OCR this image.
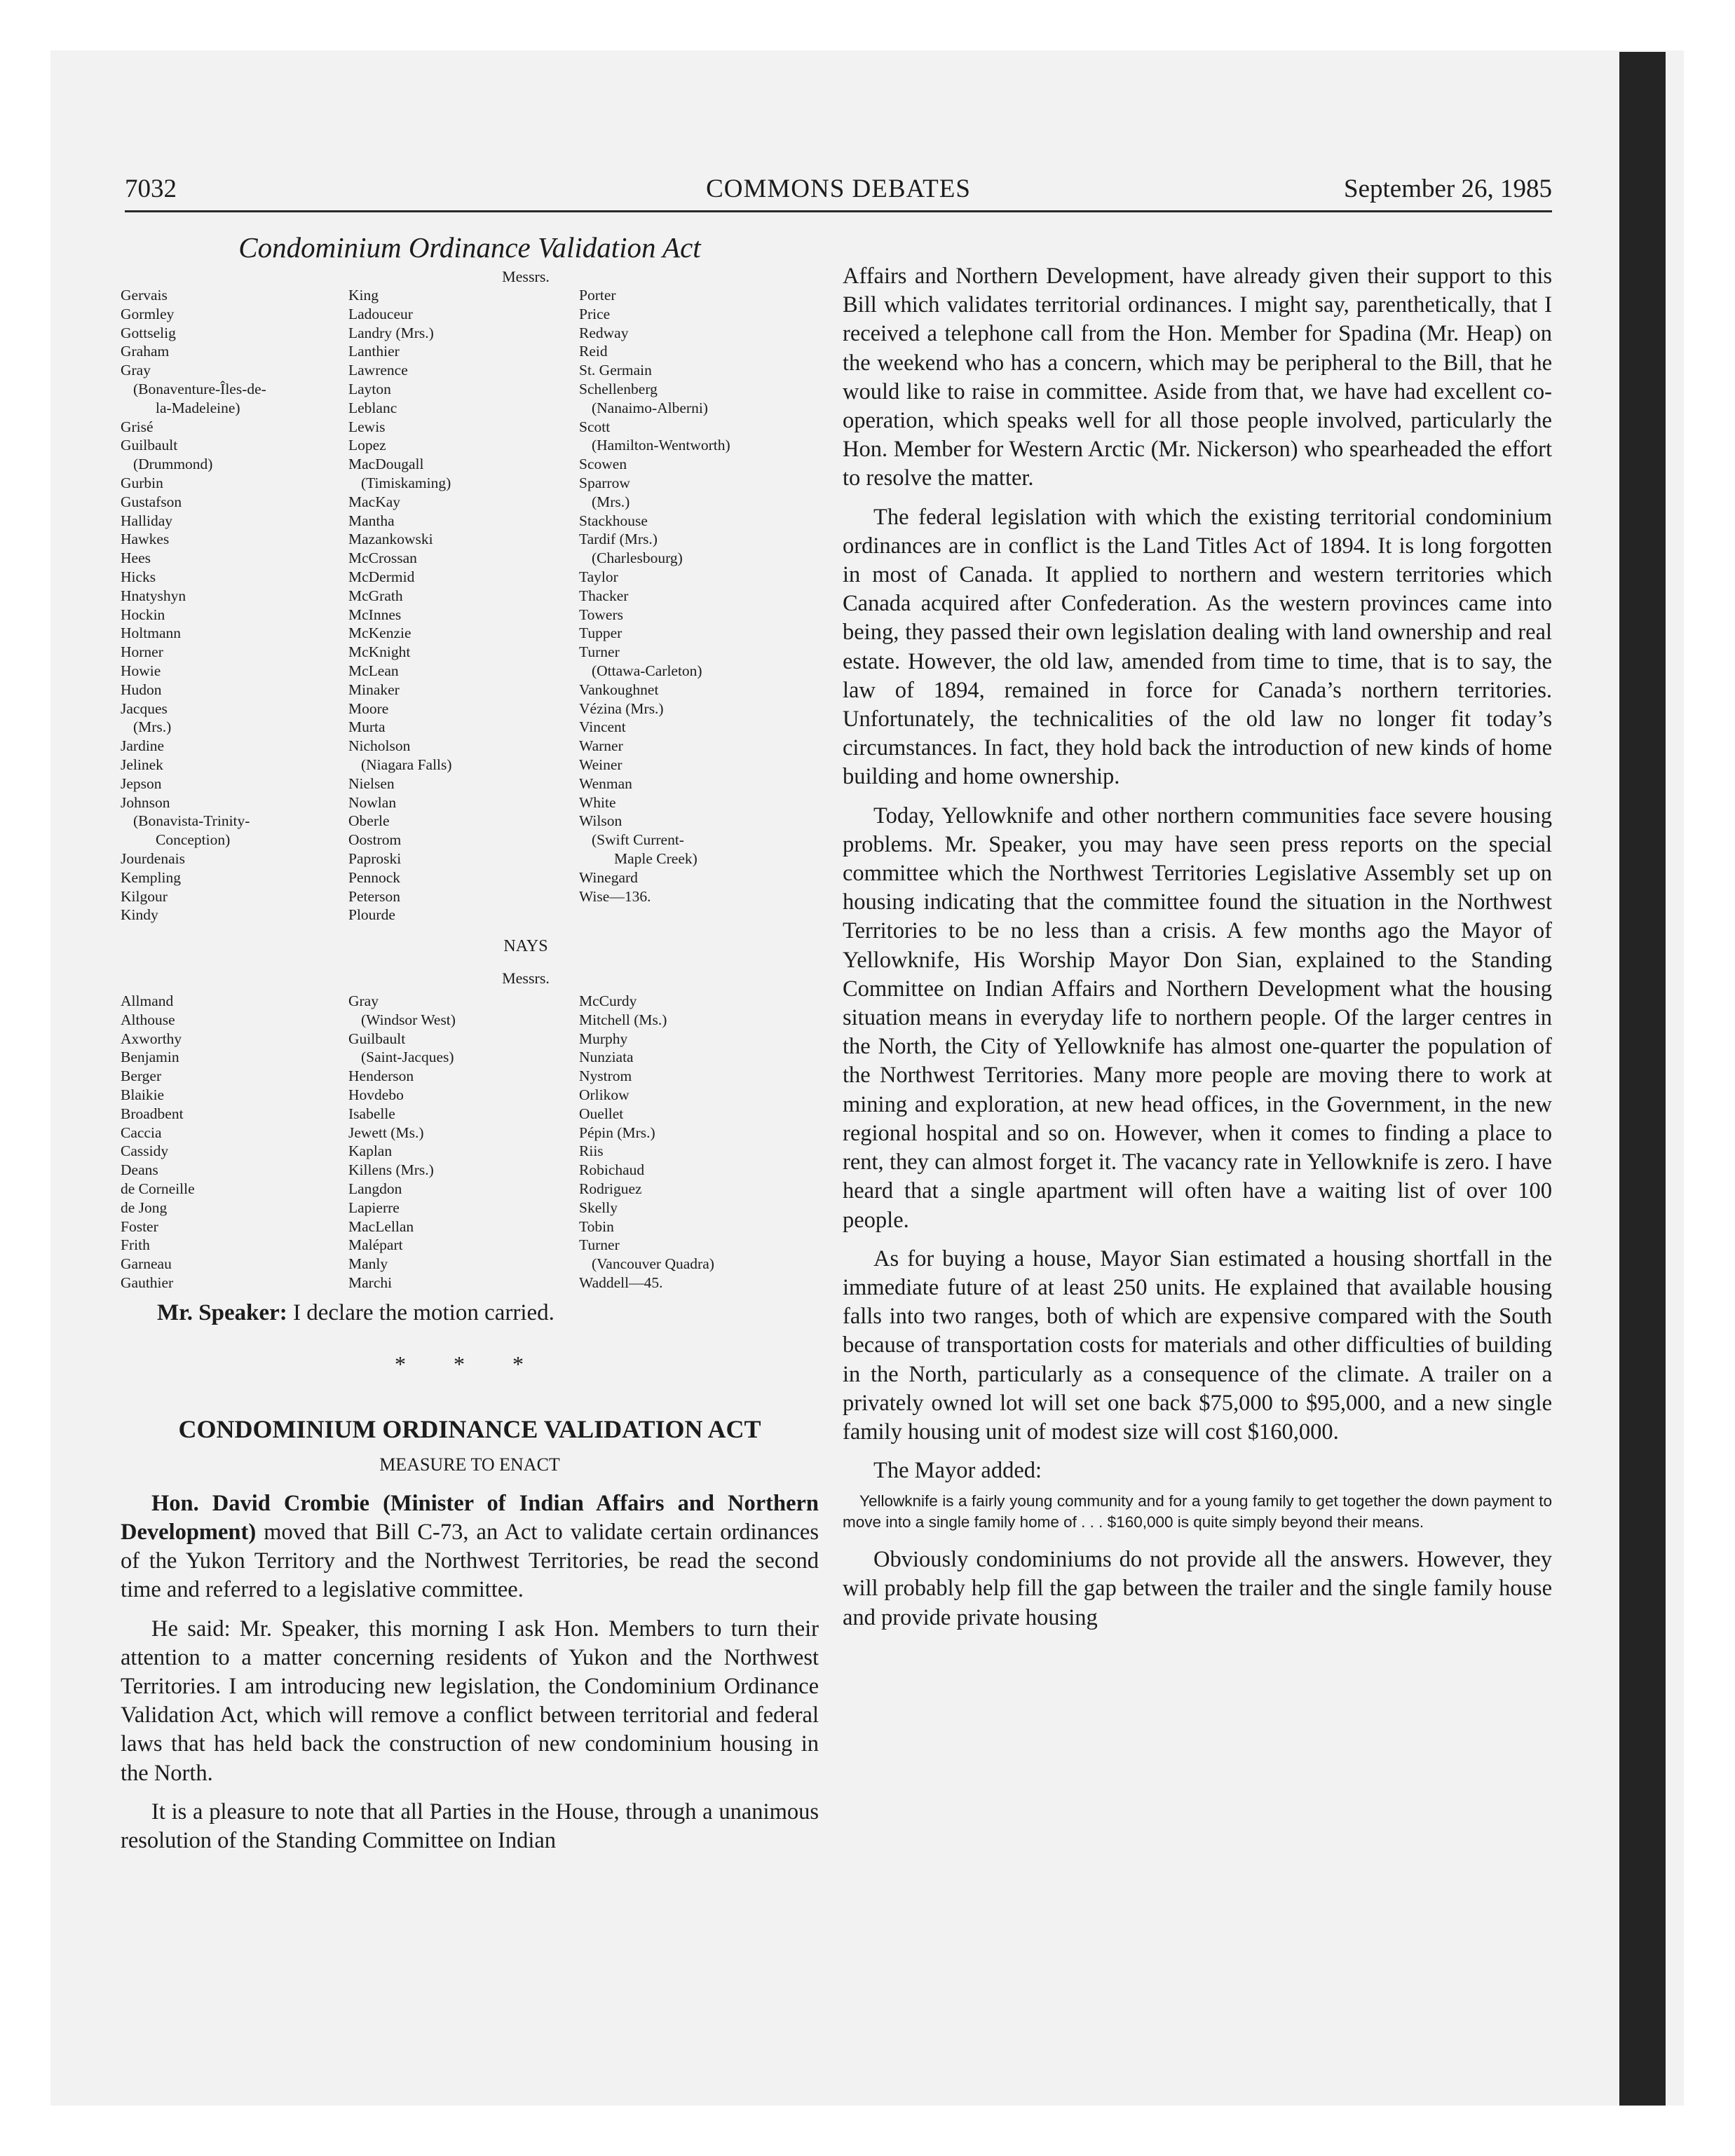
7032	COMMONS DEBATES	September 26, 1985
Condominium Ordinance Validation Act
Messrs.
Gervais
Gormley
Gottselig
Graham
Gray
(Bonaventure-Îles-de-
la-Madeleine)
Grisé
Guilbault
(Drummond)
Gurbin
Gustafson
Halliday
Hawkes
Hees
Hicks
Hnatyshyn
Hockin
Holtmann
Horner
Howie
Hudon
Jacques
(Mrs.)
Jardine
Jelinek
Jepson
Johnson
(Bonavista-Trinity-
Conception)
Jourdenais
Kempling
Kilgour
Kindy
King
Ladouceur
Landry (Mrs.)
Lanthier
Lawrence
Layton
Leblanc
Lewis
Lopez
MacDougall
(Timiskaming)
MacKay
Mantha
Mazankowski
McCrossan
McDermid
McGrath
McInnes
McKenzie
McKnight
McLean
Minaker
Moore
Murta
Nicholson
(Niagara Falls)
Nielsen
Nowlan
Oberle
Oostrom
Paproski
Pennock
Peterson
Plourde
Porter
Price
Redway
Reid
St. Germain
Schellenberg
(Nanaimo-Alberni)
Scott
(Hamilton-Wentworth)
Scowen
Sparrow
(Mrs.)
Stackhouse
Tardif (Mrs.)
(Charlesbourg)
Taylor
Thacker
Towers
Tupper
Turner
(Ottawa-Carleton)
Vankoughnet
Vézina (Mrs.)
Vincent
Warner
Weiner
Wenman
White
Wilson
(Swift Current-
Maple Creek)
Winegard
Wise—136.
NAYS
Messrs.
Allmand
Althouse
Axworthy
Benjamin
Berger
Blaikie
Broadbent
Caccia
Cassidy
Deans
de Corneille
de Jong
Foster
Frith
Garneau
Gauthier
Gray
(Windsor West)
Guilbault
(Saint-Jacques)
Henderson
Hovdebo
Isabelle
Jewett (Ms.)
Kaplan
Killens (Mrs.)
Langdon
Lapierre
MacLellan
Malépart
Manly
Marchi
McCurdy
Mitchell (Ms.)
Murphy
Nunziata
Nystrom
Orlikow
Ouellet
Pépin (Mrs.)
Riis
Robichaud
Rodriguez
Skelly
Tobin
Turner
(Vancouver Quadra)
Waddell—45.
Mr. Speaker: I declare the motion carried.
* * *
CONDOMINIUM ORDINANCE VALIDATION ACT
MEASURE TO ENACT

Hon. David Crombie (Minister of Indian Affairs and Northern Development) moved that Bill C-73, an Act to validate certain ordinances of the Yukon Territory and the Northwest Territories, be read the second time and referred to a legislative committee.

He said: Mr. Speaker, this morning I ask Hon. Members to turn their attention to a matter concerning residents of Yukon and the Northwest Territories. I am introducing new legislation, the Condominium Ordinance Validation Act, which will remove a conflict between territorial and federal laws that has held back the construction of new condominium housing in the North.

It is a pleasure to note that all Parties in the House, through a unanimous resolution of the Standing Committee on Indian

Affairs and Northern Development, have already given their support to this Bill which validates territorial ordinances. I might say, parenthetically, that I received a telephone call from the Hon. Member for Spadina (Mr. Heap) on the weekend who has a concern, which may be peripheral to the Bill, that he would like to raise in committee. Aside from that, we have had excellent co-operation, which speaks well for all those people involved, particularly the Hon. Member for Western Arctic (Mr. Nickerson) who spearheaded the effort to resolve the matter.

The federal legislation with which the existing territorial condominium ordinances are in conflict is the Land Titles Act of 1894. It is long forgotten in most of Canada. It applied to northern and western territories which Canada acquired after Confederation. As the western provinces came into being, they passed their own legislation dealing with land ownership and real estate. However, the old law, amended from time to time, that is to say, the law of 1894, remained in force for Canada’s northern territories. Unfortunately, the technicalities of the old law no longer fit today’s circumstances. In fact, they hold back the introduction of new kinds of home building and home ownership.

Today, Yellowknife and other northern communities face severe housing problems. Mr. Speaker, you may have seen press reports on the special committee which the Northwest Territories Legislative Assembly set up on housing indicating that the committee found the situation in the Northwest Territories to be no less than a crisis. A few months ago the Mayor of Yellowknife, His Worship Mayor Don Sian, explained to the Standing Committee on Indian Affairs and Northern Development what the housing situation means in everyday life to northern people. Of the larger centres in the North, the City of Yellowknife has almost one-quarter the population of the Northwest Territories. Many more people are moving there to work at mining and exploration, at new head offices, in the Government, in the new regional hospital and so on. However, when it comes to finding a place to rent, they can almost forget it. The vacancy rate in Yellowknife is zero. I have heard that a single apartment will often have a waiting list of over 100 people.

As for buying a house, Mayor Sian estimated a housing shortfall in the immediate future of at least 250 units. He explained that available housing falls into two ranges, both of which are expensive compared with the South because of transportation costs for materials and other difficulties of building in the North, particularly as a consequence of the climate. A trailer on a privately owned lot will set one back $75,000 to $95,000, and a new single family housing unit of modest size will cost $160,000.

The Mayor added:

Yellowknife is a fairly young community and for a young family to get together the down payment to move into a single family home of . . . $160,000 is quite simply beyond their means.

Obviously condominiums do not provide all the answers. However, they will probably help fill the gap between the trailer and the single family house and provide private housing
